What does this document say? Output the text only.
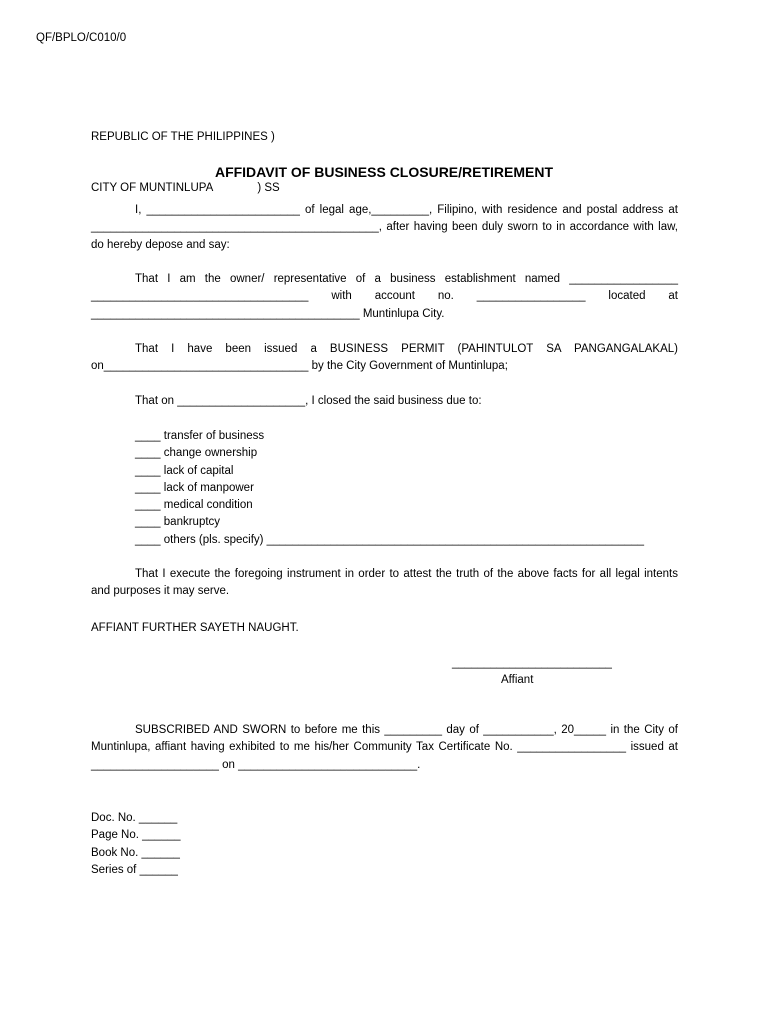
QF/BPLO/C010/0

REPUBLIC OF THE PHILIPPINES )

CITY OF MUNTINLUPA              ) SS

AFFIDAVIT OF BUSINESS CLOSURE/RETIREMENT
I, ________________________ of legal age,_________, Filipino, with residence and postal address at _____________________________________________, after having been duly sworn to in accordance with law, do hereby depose and say:
That I am the owner/ representative of a business establishment named _________________ __________________________________ with account no. _________________ located at __________________________________________ Muntinlupa City.
That I have been issued a BUSINESS PERMIT (PAHINTULOT SA PANGANGALAKAL) on________________________________ by the City Government of Muntinlupa;
That on ____________________, I closed the said business due to:
____ transfer of business
____ change ownership
____ lack of capital
____ lack of manpower
____ medical condition
____ bankruptcy
____ others (pls. specify) ___________________________________________________________
That I execute the foregoing instrument in order to attest the truth of the above facts for all legal intents and purposes it may serve.
AFFIANT FURTHER SAYETH NAUGHT.
_________________________
Affiant
SUBSCRIBED AND SWORN to before me this _________ day of ___________, 20_____ in the City of Muntinlupa, affiant having exhibited to me his/her Community Tax Certificate No. _________________ issued at ____________________ on ____________________________.
Doc. No. ______
Page No. ______
Book No. ______
Series of ______
